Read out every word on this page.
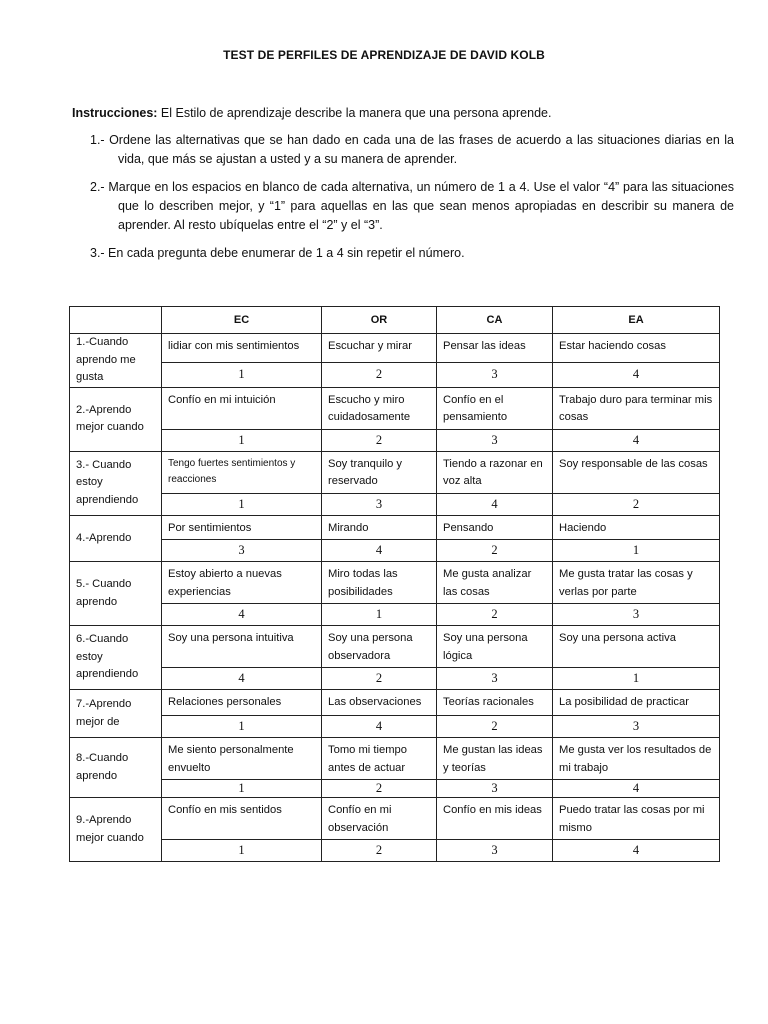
TEST DE PERFILES DE APRENDIZAJE DE DAVID KOLB

Instrucciones: El Estilo de aprendizaje describe la manera que una persona aprende.

1.- Ordene las alternativas que se han dado en cada una de las frases de acuerdo a las situaciones diarias en la vida, que más se ajustan a usted y a su manera de aprender.

2.- Marque en los espacios en blanco de cada alternativa, un número de 1 a 4. Use el valor “4” para las situaciones que lo describen mejor, y “1” para aquellas en las que sean menos apropiadas en describir su manera de aprender. Al resto ubíquelas entre el “2” y el “3”.

3.- En cada pregunta debe enumerar de 1 a 4 sin repetir el número.

	EC	OR	CA	EA
1.-Cuando aprendo me gusta	lidiar con mis sentimientos	Escuchar y mirar	Pensar las ideas	Estar haciendo cosas
	1	2	3	4
2.-Aprendo mejor cuando	Confío en mi intuición	Escucho y miro cuidadosamente	Confío en el pensamiento	Trabajo duro para terminar mis cosas
	1	2	3	4
3.- Cuando estoy aprendiendo	Tengo fuertes sentimientos y reacciones	Soy tranquilo y reservado	Tiendo a razonar en voz alta	Soy responsable de las cosas
	1	3	4	2
4.-Aprendo	Por sentimientos	Mirando	Pensando	Haciendo
	3	4	2	1
5.- Cuando aprendo	Estoy abierto a nuevas experiencias	Miro todas las posibilidades	Me gusta analizar las cosas	Me gusta tratar las cosas y verlas por parte
	4	1	2	3
6.-Cuando estoy aprendiendo	Soy una persona intuitiva	Soy una persona observadora	Soy una persona lógica	Soy una persona activa
	4	2	3	1
7.-Aprendo mejor de	Relaciones personales	Las observaciones	Teorías racionales	La posibilidad de practicar
	1	4	2	3
8.-Cuando aprendo	Me siento personalmente envuelto	Tomo mi tiempo antes de actuar	Me gustan las ideas y teorías	Me gusta ver los resultados de mi trabajo
	1	2	3	4
9.-Aprendo mejor cuando	Confío en mis sentidos	Confío en mi observación	Confío en mis ideas	Puedo tratar las cosas por mi mismo
	1	2	3	4
